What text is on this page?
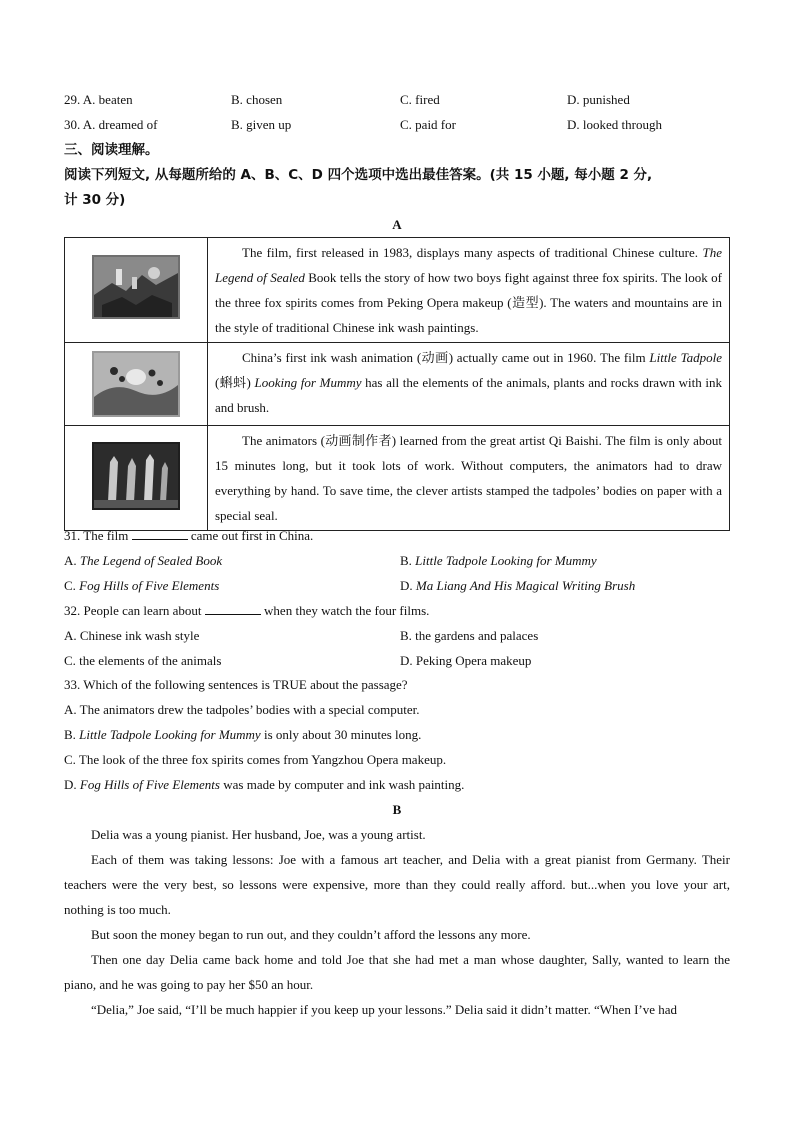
29. A. beaten	B. chosen	C. fired	D. punished
30. A. dreamed of	B. given up	C. paid for	D. looked through
三、阅读理解。
阅读下列短文, 从每题所给的 A、B、C、D 四个选项中选出最佳答案。(共 15 小题, 每小题 2 分,
计 30 分)
A

The film, first released in 1983, displays many aspects of traditional Chinese culture. The Legend of Sealed Book tells the story of how two boys fight against three fox spirits. The look of the three fox spirits comes from Peking Opera makeup (造型). The waters and mountains are in the style of traditional Chinese ink wash paintings.

China’s first ink wash animation (动画) actually came out in 1960. The film Little Tadpole (蝌蚪) Looking for Mummy has all the elements of the animals, plants and rocks drawn with ink and brush.

The animators (动画制作者) learned from the great artist Qi Baishi. The film is only about 15 minutes long, but it took lots of work. Without computers, the animators had to draw everything by hand. To save time, the clever artists stamped the tadpoles’ bodies on paper with a special seal.
31. The film	came out first in China.
A. The Legend of Sealed Book	B. Little Tadpole Looking for Mummy
C. Fog Hills of Five Elements	D. Ma Liang And His Magical Writing Brush
32. People can learn about	when they watch the four films.
A. Chinese ink wash style	B. the gardens and palaces
C. the elements of the animals	D. Peking Opera makeup
33. Which of the following sentences is TRUE about the passage?
A. The animators drew the tadpoles’ bodies with a special computer.
B. Little Tadpole Looking for Mummy is only about 30 minutes long.
C. The look of the three fox spirits comes from Yangzhou Opera makeup.
D. Fog Hills of Five Elements was made by computer and ink wash painting.
B
Delia was a young pianist. Her husband, Joe, was a young artist.
Each of them was taking lessons: Joe with a famous art teacher, and Delia with a great pianist from Germany. Their teachers were the very best, so lessons were expensive, more than they could really afford. but...when you love your art, nothing is too much.
But soon the money began to run out, and they couldn’t afford the lessons any more.
Then one day Delia came back home and told Joe that she had met a man whose daughter, Sally, wanted to learn the piano, and he was going to pay her $50 an hour.
“Delia,” Joe said, “I’ll be much happier if you keep up your lessons.” Delia said it didn’t matter. “When I’ve had
